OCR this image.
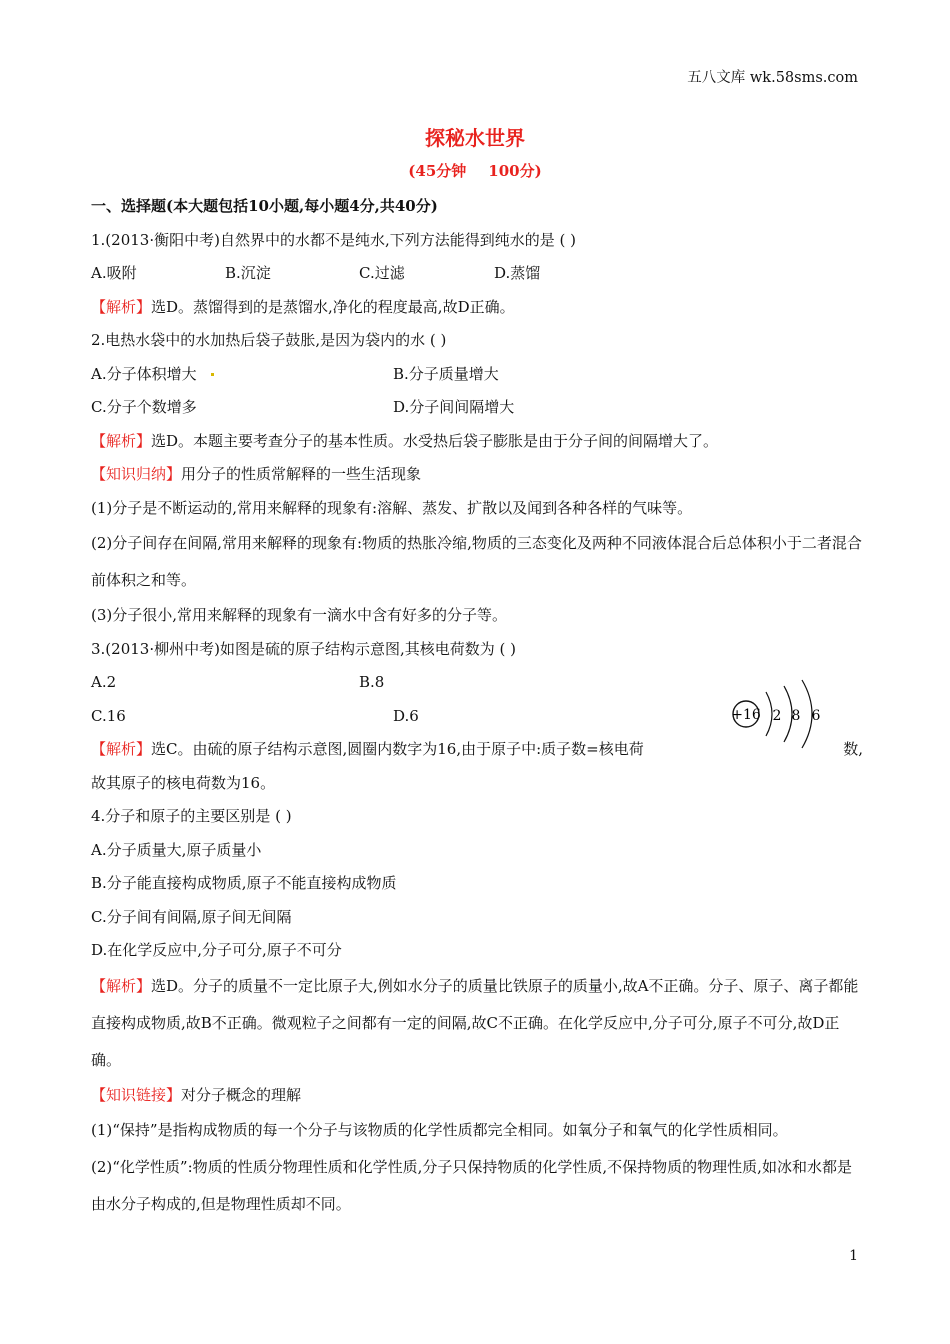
五八文库 wk.58sms.com
探秘水世界
(45分钟 100分)
一、选择题(本大题包括10小题,每小题4分,共40分)
1.(2013·衡阳中考)自然界中的水都不是纯水,下列方法能得到纯水的是 ( )
A.吸附	B.沉淀	C.过滤	D.蒸馏
【解析】选D。蒸馏得到的是蒸馏水,净化的程度最高,故D正确。
2.电热水袋中的水加热后袋子鼓胀,是因为袋内的水 ( )
A.分子体积增大	B.分子质量增大
C.分子个数增多	D.分子间间隔增大
【解析】选D。本题主要考查分子的基本性质。水受热后袋子膨胀是由于分子间的间隔增大了。
【知识归纳】用分子的性质常解释的一些生活现象
(1)分子是不断运动的,常用来解释的现象有:溶解、蒸发、扩散以及闻到各种各样的气味等。
(2)分子间存在间隔,常用来解释的现象有:物质的热胀冷缩,物质的三态变化及两种不同液体混合后总体积小于二者混合前体积之和等。
(3)分子很小,常用来解释的现象有一滴水中含有好多的分子等。
3.(2013·柳州中考)如图是硫的原子结构示意图,其核电荷数为 ( )
A.2	B.8
C.16	D.6
【解析】选C。由硫的原子结构示意图,圆圈内数字为16,由于原子中:质子数=核电荷	数,
故其原子的核电荷数为16。
4.分子和原子的主要区别是 ( )
A.分子质量大,原子质量小
B.分子能直接构成物质,原子不能直接构成物质
C.分子间有间隔,原子间无间隔
D.在化学反应中,分子可分,原子不可分
【解析】选D。分子的质量不一定比原子大,例如水分子的质量比铁原子的质量小,故A不正确。分子、原子、离子都能直接构成物质,故B不正确。微观粒子之间都有一定的间隔,故C不正确。在化学反应中,分子可分,原子不可分,故D正确。
【知识链接】对分子概念的理解
(1)“保持”是指构成物质的每一个分子与该物质的化学性质都完全相同。如氧分子和氧气的化学性质相同。
(2)“化学性质”:物质的性质分物理性质和化学性质,分子只保持物质的化学性质,不保持物质的物理性质,如冰和水都是由水分子构成的,但是物理性质却不同。
+16 2 8 6
1
